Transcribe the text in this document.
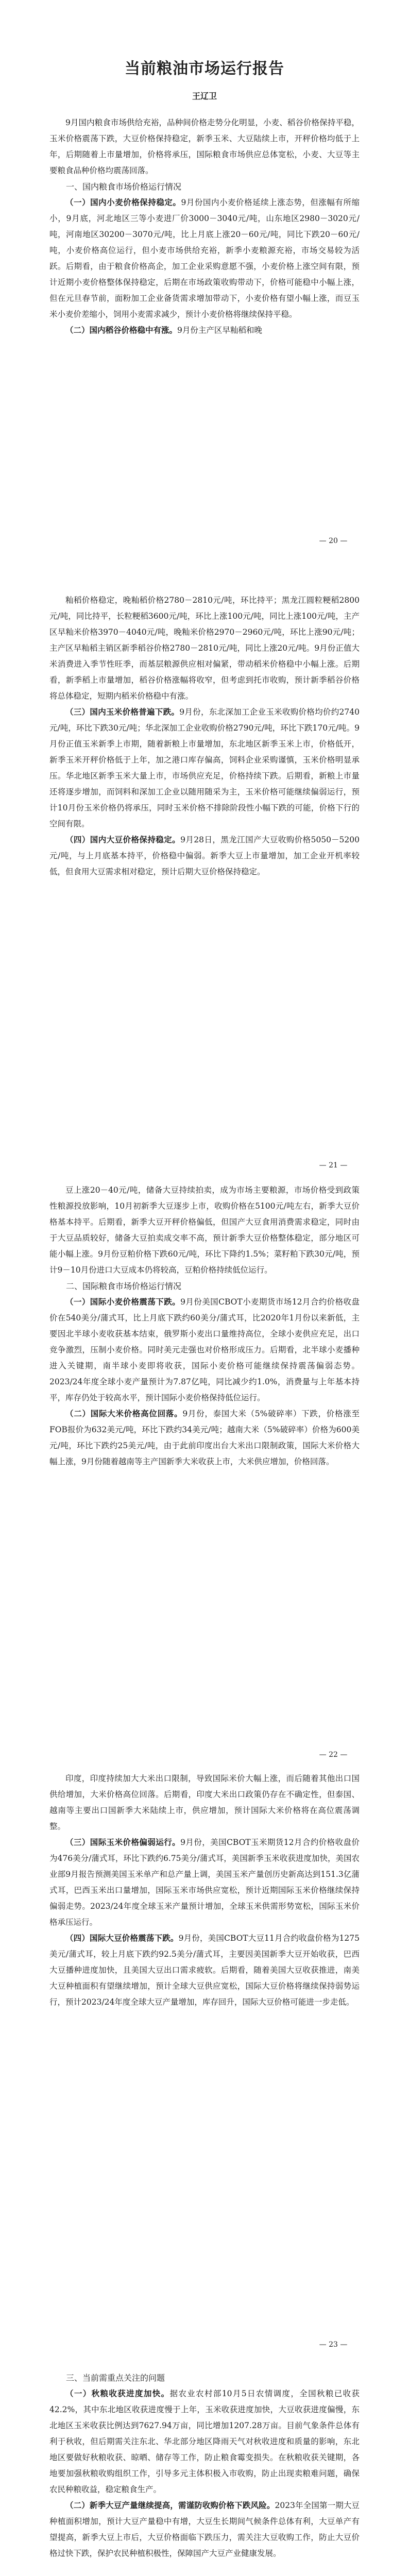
当前粮油市场运行报告
王辽卫

9月国内粮食市场供给充裕，品种间价格走势分化明显，小麦、稻谷价格保持平稳，玉米价格震荡下跌，大豆价格保持稳定，新季玉米、大豆陆续上市，开秤价格均低于上年，后期随着上市量增加，价格将承压，国际粮食市场供应总体宽松，小麦、大豆等主要粮食品种价格均震荡回落。

一、国内粮食市场价格运行情况

（一）国内小麦价格保持稳定。9月份国内小麦价格延续上涨态势，但涨幅有所缩小，9月底，河北地区三等小麦进厂价3000－3040元/吨，山东地区2980－3020元/吨，河南地区30200－3070元/吨，比上月底上涨20－60元/吨，同比下跌20－60元/吨，小麦价格高位运行，但小麦市场供给充裕，新季小麦粮源充裕，市场交易较为活跃。后期看，由于粮食价格高企，加工企业采购意愿不强，小麦价格上涨空间有限，预计近期小麦价格整体保持稳定，后期在市场政策收购带动下，价格可能稳中小幅上涨，但在元旦春节前，面粉加工企业备货需求增加带动下，小麦价格有望小幅上涨，而豆玉米小麦价差缩小，饲用小麦需求减少，预计小麦价格将继续保持平稳。

（二）国内稻谷价格稳中有涨。9月份主产区早籼稻和晚

— 20 —

籼稻价格稳定，晚籼稻价格2780－2810元/吨，环比持平；黑龙江圆粒粳稻2800元/吨，同比持平，长粒粳稻3600元/吨，环比上涨100元/吨，同比上涨100元/吨，主产区早籼米价格3970－4040元/吨，晚籼米价格2970－2960元/吨，环比上涨90元/吨；主产区早籼稻主销区新季稻谷价格2780－2810元/吨，同比上涨20元/吨。9月份正值大米消费进入季节性旺季，而基层粮源供应相对偏紧，带动稻米价格稳中小幅上涨。后期看，新季稻上市量增加，稻谷价格涨幅将收窄，但考虑到托市收购，预计新季稻谷价格将总体稳定，短期内稻米价格稳中有涨。

（三）国内玉米价格普遍下跌。9月份，东北深加工企业玉米收购价格均价约2740元/吨，环比下跌30元/吨；华北深加工企业收购价格2790元/吨，环比下跌170元/吨。9月份正值玉米新季上市期，随着新粮上市量增加，东北地区新季玉米上市，价格低开，新季玉米开秤价格低于上年，加之港口库存偏高，饲料企业采购谨慎，玉米价格明显承压。华北地区新季玉米大量上市，市场供应充足，价格持续下跌。后期看，新粮上市量还将逐步增加，而饲料和深加工企业以随用随采为主，玉米价格可能继续偏弱运行，预计10月份玉米价格仍将承压，同时玉米价格不排除阶段性小幅下跌的可能，价格下行的空间有限。

（四）国内大豆价格保持稳定。9月28日，黑龙江国产大豆收购价格5050－5200元/吨，与上月底基本持平，价格稳中偏弱。新季大豆上市量增加，加工企业开机率较低，但食用大豆需求相对稳定，预计后期大豆价格保持稳定。

— 21 —

豆上涨20－40元/吨，储备大豆持续拍卖，成为市场主要粮源，市场价格受到政策性粮源投放影响，10月初新季大豆逐步上市，收购价格在5100元/吨左右，新季大豆价格基本持平。后期看，新季大豆开秤价格偏低，但国产大豆食用消费需求稳定，同时由于大豆品质较好，储备大豆拍卖成交率不高，预计新季大豆价格整体稳定，部分地区可能小幅上涨。9月份豆粕价格下跌60元/吨，环比下降约1.5%；菜籽粕下跌30元/吨，预计9－10月份进口大豆成本仍将较高，豆粕价格持续低位运行。

二、国际粮食市场价格运行情况

（一）国际小麦价格震荡下跌。9月份美国CBOT小麦期货市场12月合约价格收盘价在540美分/蒲式耳，比上月底下跌约60美分/蒲式耳，比2020年1月份以来新低，主要因北半球小麦收获基本结束，俄罗斯小麦出口量维持高位，全球小麦供应充足，出口竞争激烈，压制小麦价格。同时美元走强也对价格形成压力。后期看，北半球小麦播种进入关键期，南半球小麦即将收获，国际小麦价格可能继续保持震荡偏弱态势。2023/24年度全球小麦产量预计为7.87亿吨，同比减少约1.0%，消费量与上年基本持平，库存仍处于较高水平，预计国际小麦价格保持低位运行。

（二）国际大米价格高位回落。9月份，泰国大米（5%破碎率）下跌，价格涨至FOB报价为632美元/吨，环比下跌约34美元/吨；越南大米（5%破碎率）价格为600美元/吨，环比下跌约25美元/吨，由于此前印度出台大米出口限制政策，国际大米价格大幅上涨，9月份随着越南等主产国新季大米收获上市，大米供应增加，价格回落。

— 22 —

印度，印度持续加大大米出口限制，导致国际米价大幅上涨，而后随着其他出口国供给增加，大米价格高位回落。后期看，印度大米出口政策仍存在不确定性，但泰国、越南等主要出口国新季大米陆续上市，供应增加，预计国际大米价格将在高位震荡调整。

（三）国际玉米价格偏弱运行。9月份，美国CBOT玉米期货12月合约价格收盘价为476美分/蒲式耳，环比下跌约6.75美分/蒲式耳，美国新季玉米收获进度加快，美国农业部9月报告预测美国玉米单产和总产量上调，美国玉米产量创历史新高达到151.3亿蒲式耳，巴西玉米出口量增加，国际玉米市场供应宽松，预计近期国际玉米价格继续保持偏弱走势。2023/24年度全球玉米产量预计增加，全球玉米供需形势宽松，国际玉米价格承压运行。

（四）国际大豆价格震荡下跌。9月份，美国CBOT大豆11月合约收盘价格为1275美元/蒲式耳，较上月底下跌约92.5美分/蒲式耳，主要因美国新季大豆开始收获，巴西大豆播种进度加快，且美国大豆出口需求疲软。后期看，随着美国大豆收获推进，南美大豆种植面积有望继续增加，预计全球大豆供应宽松，国际大豆价格将继续保持弱势运行，预计2023/24年度全球大豆产量增加，库存回升，国际大豆价格可能进一步走低。

— 23 —

三、当前需重点关注的问题

（一）秋粮收获进度加快。据农业农村部10月5日农情调度，全国秋粮已收获42.2%，其中东北地区收获进度慢于上年，玉米收获进度加快，大豆收获进度偏慢，东北地区玉米收获比例达到7627.94万亩，同比增加1207.28万亩。目前气象条件总体有利于秋收，但后期需关注东北、华北部分地区降雨天气对秋收进度和质量的影响，东北地区要做好秋粮收获、晾晒、储存等工作，防止粮食霉变损失。在秋粮收获关键期，各地要加强秋粮收购组织工作，引导多元主体积极入市收购，防止出现卖粮难问题，确保农民种粮收益，稳定粮食生产。

（二）新季大豆产量继续提高，需谨防收购价格下跌风险。2023年全国第一期大豆种植面积增加，预计大豆产量稳中有增，大豆生长期间气候条件总体有利，大豆单产有望提高，新季大豆上市后，大豆价格面临下跌压力，需关注大豆收购工作，防止大豆价格过快下跌，保护农民种植积极性，保障国产大豆产业健康发展。
